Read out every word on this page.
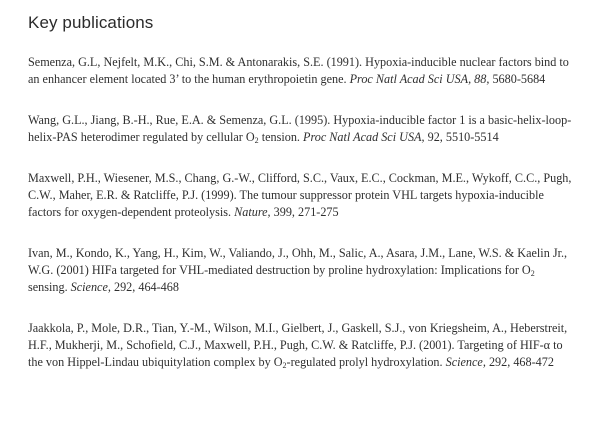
Key publications

Semenza, G.L, Nejfelt, M.K., Chi, S.M. & Antonarakis, S.E. (1991). Hypoxia-inducible nuclear factors bind to an enhancer element located 3’ to the human erythropoietin gene. Proc Natl Acad Sci USA, 88, 5680-5684

Wang, G.L., Jiang, B.-H., Rue, E.A. & Semenza, G.L. (1995). Hypoxia-inducible factor 1 is a basic-helix-loop-helix-PAS heterodimer regulated by cellular $O_2$ tension. Proc Natl Acad Sci USA, 92, 5510-5514

Maxwell, P.H., Wiesener, M.S., Chang, G.-W., Clifford, S.C., Vaux, E.C., Cockman, M.E., Wykoff, C.C., Pugh, C.W., Maher, E.R. & Ratcliffe, P.J. (1999). The tumour suppressor protein VHL targets hypoxia-inducible factors for oxygen-dependent proteolysis. Nature, 399, 271-275

Ivan, M., Kondo, K., Yang, H., Kim, W., Valiando, J., Ohh, M., Salic, A., Asara, J.M., Lane, W.S. & Kaelin Jr., W.G. (2001) HIFa targeted for VHL-mediated destruction by proline hydroxylation: Implications for $O_2$ sensing. Science, 292, 464-468

Jaakkola, P., Mole, D.R., Tian, Y.-M., Wilson, M.I., Gielbert, J., Gaskell, S.J., von Kriegsheim, A., Heberstreit, H.F., Mukherji, M., Schofield, C.J., Maxwell, P.H., Pugh, C.W. & Ratcliffe, P.J. (2001). Targeting of HIF-α to the von Hippel-Lindau ubiquitylation complex by $O_2$-regulated prolyl hydroxylation. Science, 292, 468-472
